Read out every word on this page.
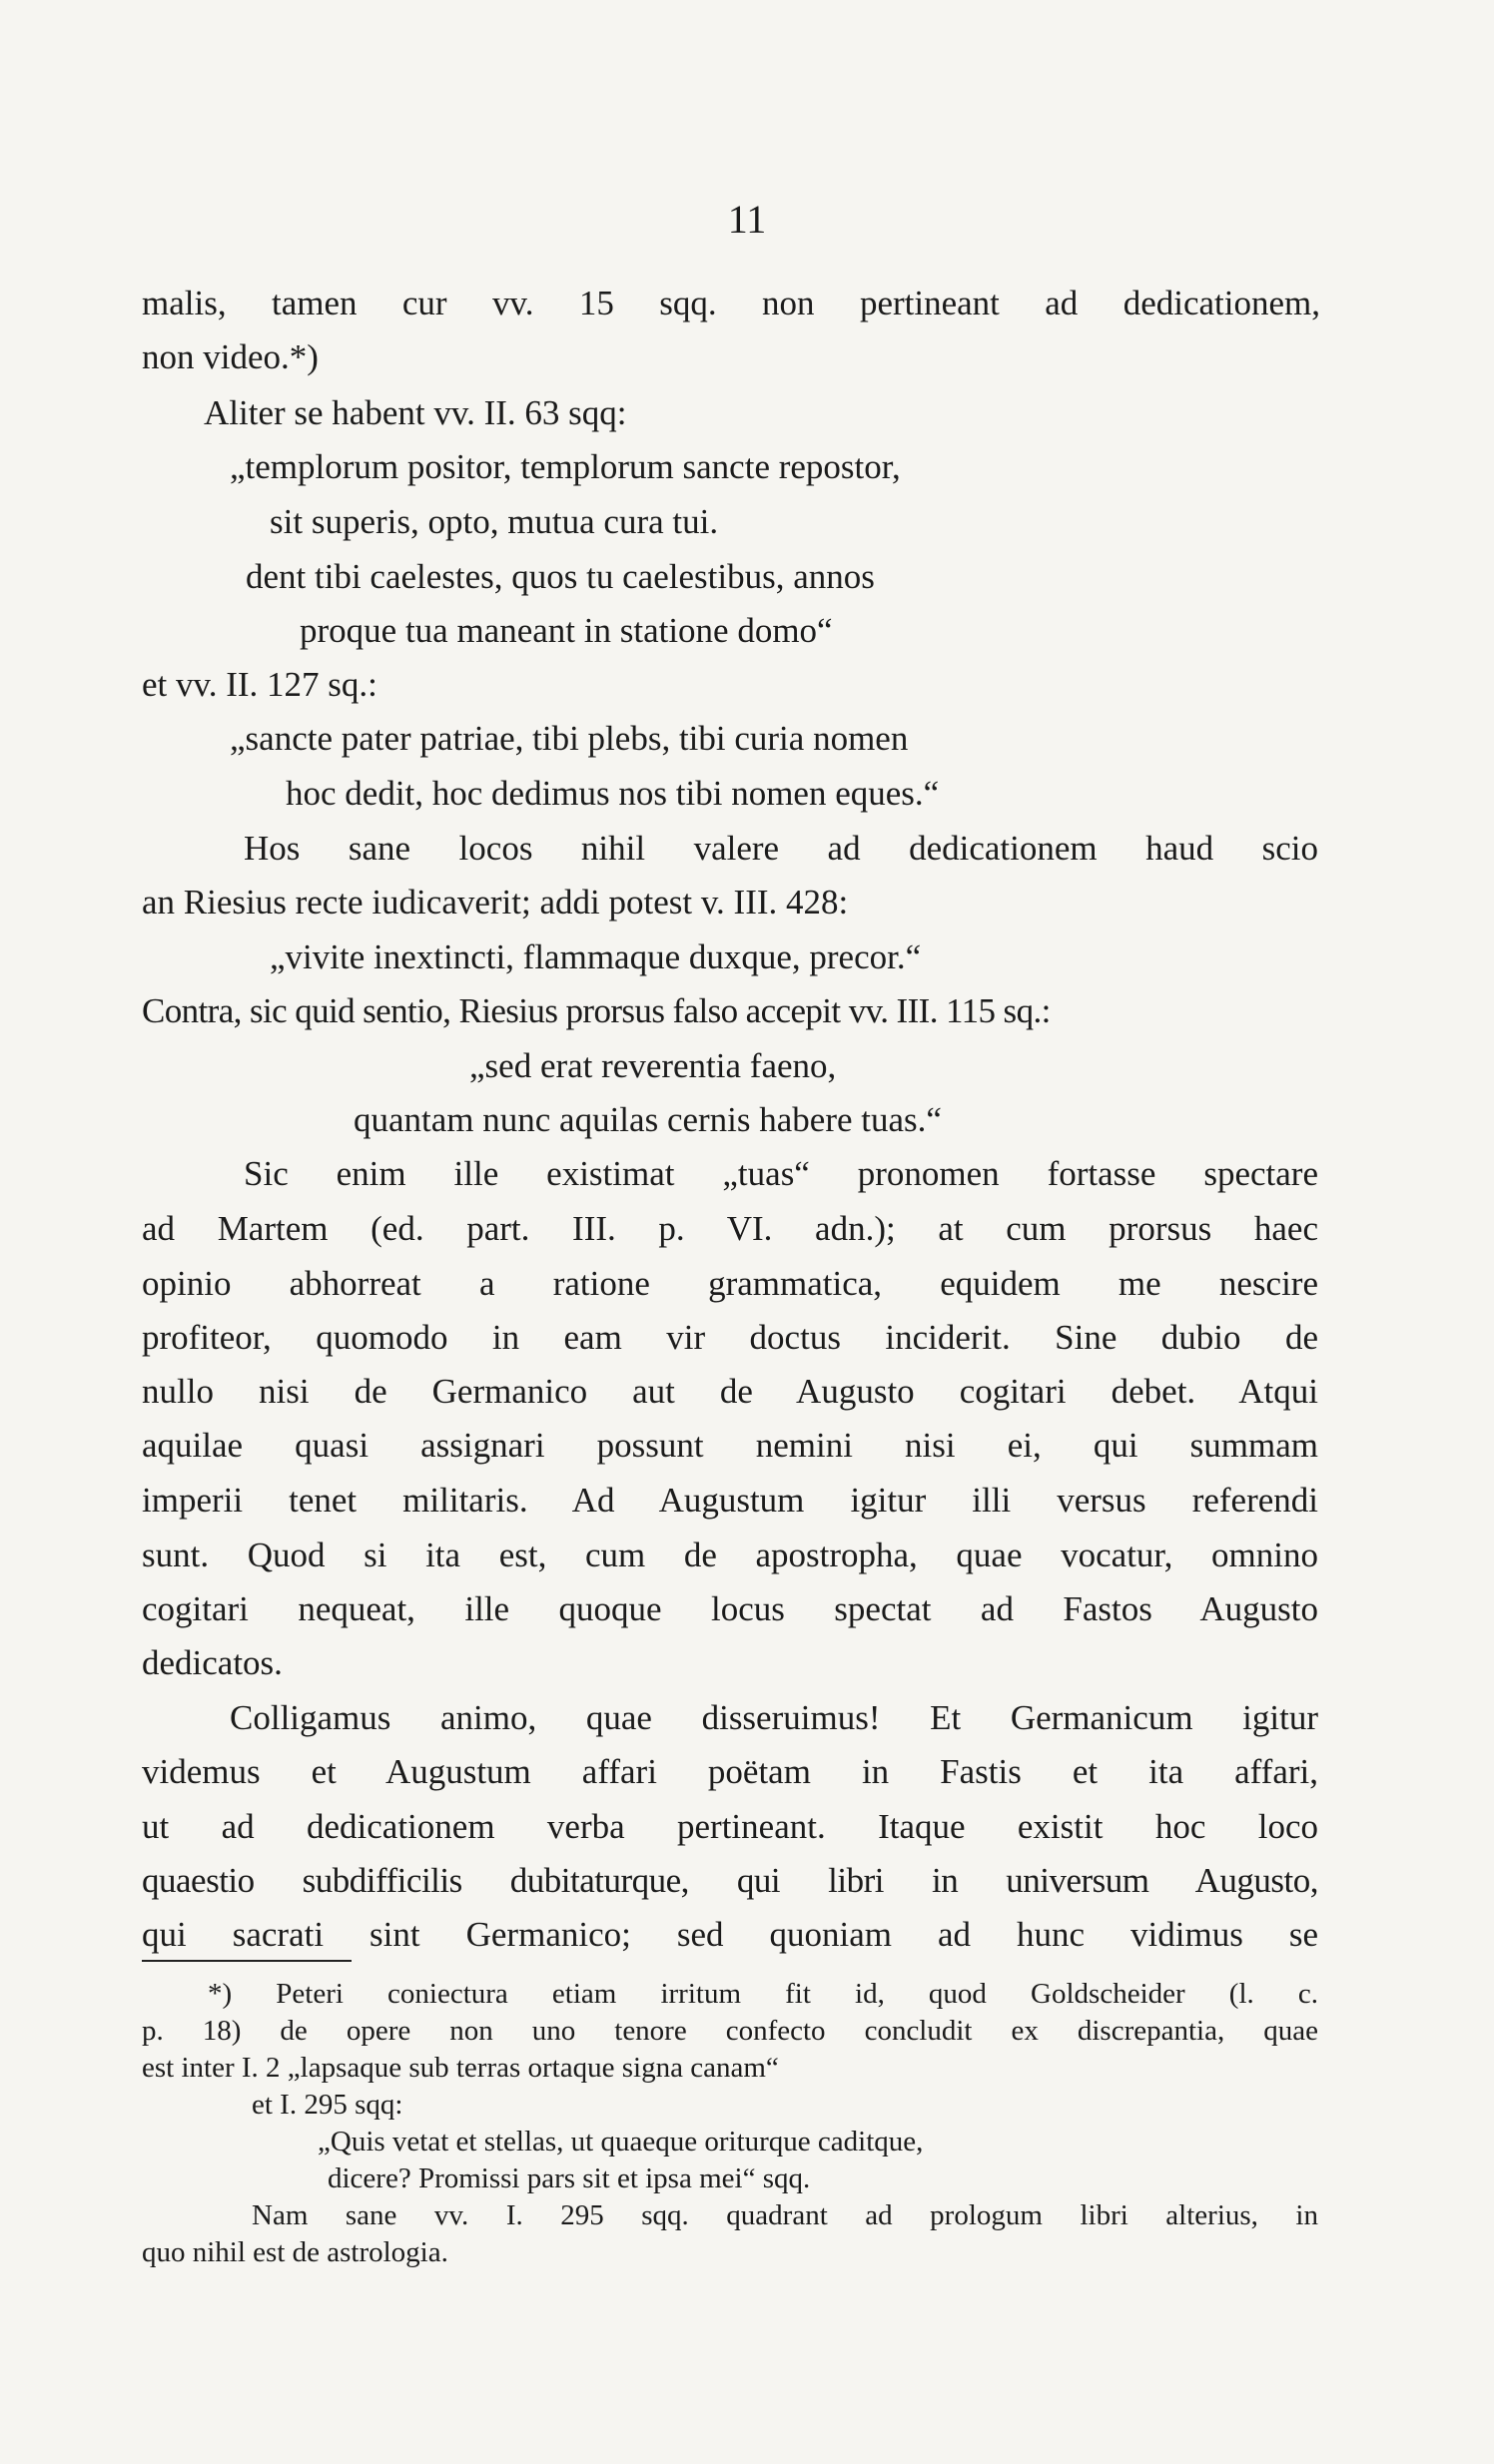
11
malis, tamen cur vv. 15 sqq. non pertineant ad dedicationem,
non video.*)
Aliter se habent vv. II. 63 sqq:
„templorum positor, templorum sancte repostor,
sit superis, opto, mutua cura tui.
dent tibi caelestes, quos tu caelestibus, annos
proque tua maneant in statione domo“
et vv. II. 127 sq.:
„sancte pater patriae, tibi plebs, tibi curia nomen
hoc dedit, hoc dedimus nos tibi nomen eques.“
Hos sane locos nihil valere ad dedicationem haud scio
an Riesius recte iudicaverit; addi potest v. III. 428:
„vivite inextincti, flammaque duxque, precor.“
Contra, sic quid sentio, Riesius prorsus falso accepit vv. III. 115 sq.:
„sed erat reverentia faeno,
quantam nunc aquilas cernis habere tuas.“
Sic enim ille existimat „tuas“ pronomen fortasse spectare
ad Martem (ed. part. III. p. VI. adn.); at cum prorsus haec
opinio abhorreat a ratione grammatica, equidem me nescire
profiteor, quomodo in eam vir doctus inciderit. Sine dubio de
nullo nisi de Germanico aut de Augusto cogitari debet. Atqui
aquilae quasi assignari possunt nemini nisi ei, qui summam
imperii tenet militaris. Ad Augustum igitur illi versus referendi
sunt. Quod si ita est, cum de apostropha, quae vocatur, omnino
cogitari nequeat, ille quoque locus spectat ad Fastos Augusto
dedicatos.
Colligamus animo, quae disseruimus! Et Germanicum igitur
videmus et Augustum affari poëtam in Fastis et ita affari,
ut ad dedicationem verba pertineant. Itaque existit hoc loco
quaestio subdifficilis dubitaturque, qui libri in universum Augusto,
qui sacrati sint Germanico; sed quoniam ad hunc vidimus se
*) Peteri coniectura etiam irritum fit id, quod Goldscheider (l. c.
p. 18) de opere non uno tenore confecto concludit ex discrepantia, quae
est inter I. 2 „lapsaque sub terras ortaque signa canam“
et I. 295 sqq:
„Quis vetat et stellas, ut quaeque oriturque caditque,
dicere? Promissi pars sit et ipsa mei“ sqq.
Nam sane vv. I. 295 sqq. quadrant ad prologum libri alterius, in
quo nihil est de astrologia.
